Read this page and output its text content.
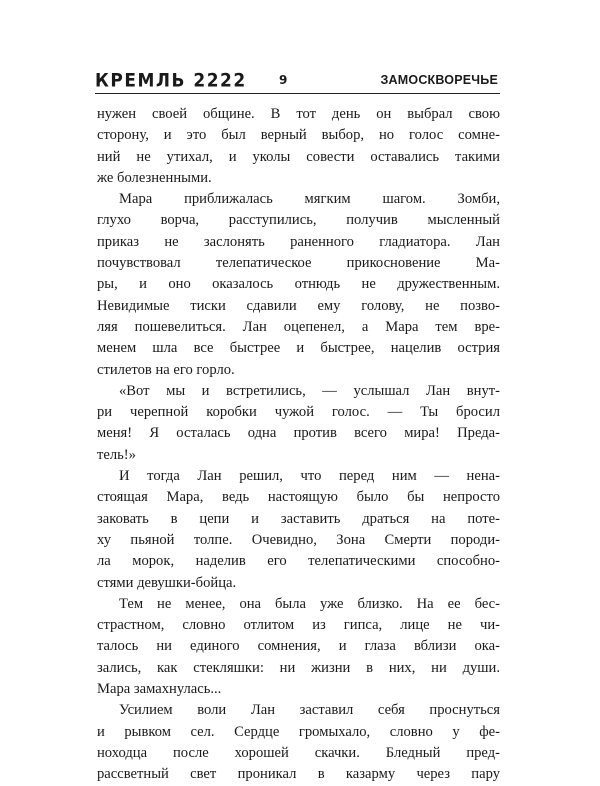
КРЕМЛЬ 2222	9	ЗАМОСКВОРЕЧЬЕ

нужен своей общине. В тот день он выбрал свою
сторону, и это был верный выбор, но голос сомне-
ний не утихал, и уколы совести оставались такими
же болезненными.

Мара приближалась мягким шагом. Зомби,
глухо ворча, расступились, получив мысленный
приказ не заслонять раненного гладиатора. Лан
почувствовал телепатическое прикосновение Ма-
ры, и оно оказалось отнюдь не дружественным.
Невидимые тиски сдавили ему голову, не позво-
ляя пошевелиться. Лан оцепенел, а Мара тем вре-
менем шла все быстрее и быстрее, нацелив острия
стилетов на его горло.

«Вот мы и встретились, — услышал Лан внут-
ри черепной коробки чужой голос. — Ты бросил
меня! Я осталась одна против всего мира! Преда-
тель!»

И тогда Лан решил, что перед ним — нена-
стоящая Мара, ведь настоящую было бы непросто
заковать в цепи и заставить драться на поте-
ху пьяной толпе. Очевидно, Зона Смерти породи-
ла морок, наделив его телепатическими способно-
стями девушки-бойца.

Тем не менее, она была уже близко. На ее бес-
страстном, словно отлитом из гипса, лице не чи-
талось ни единого сомнения, и глаза вблизи ока-
зались, как стекляшки: ни жизни в них, ни души.
Мара замахнулась...

Усилием воли Лан заставил себя проснуться
и рывком сел. Сердце громыхало, словно у фе-
ноходца после хорошей скачки. Бледный пред-
рассветный свет проникал в казарму через пару
